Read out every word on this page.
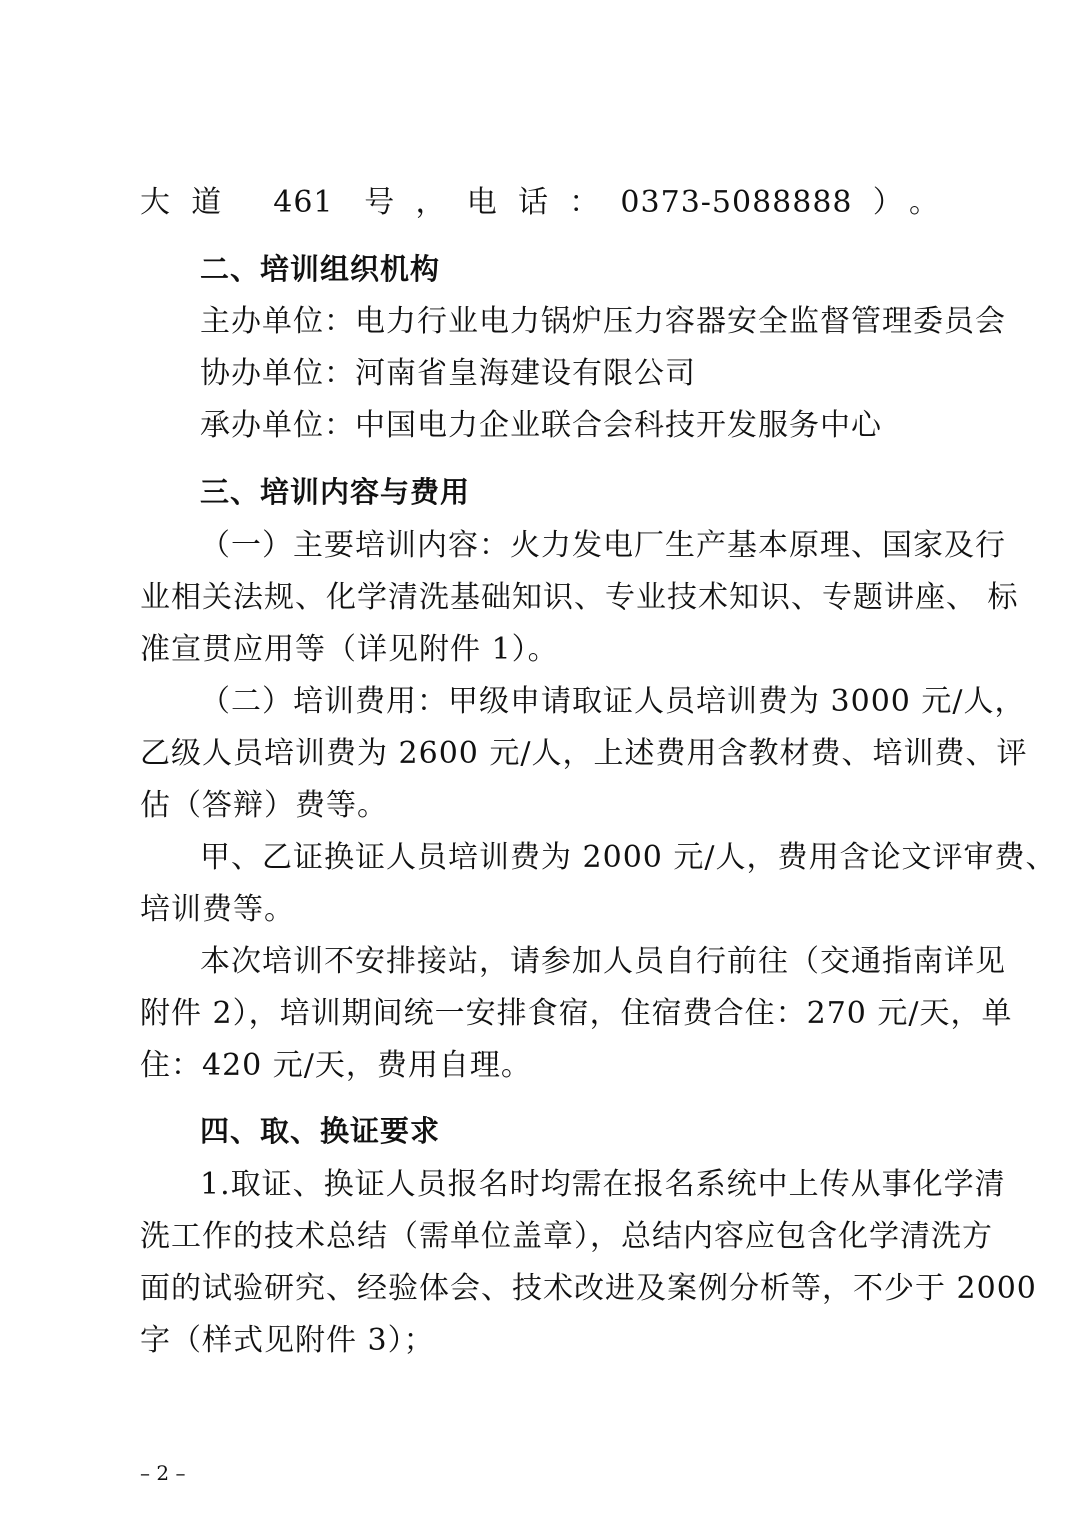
大道 461 号，电话：0373-5088888）。
二、培训组织机构
主办单位：电力行业电力锅炉压力容器安全监督管理委员会
协办单位：河南省皇海建设有限公司
承办单位：中国电力企业联合会科技开发服务中心
三、培训内容与费用
（一）主要培训内容：火力发电厂生产基本原理、国家及行
业相关法规、化学清洗基础知识、专业技术知识、专题讲座、 标
准宣贯应用等（详见附件 1）。
（二）培训费用：甲级申请取证人员培训费为 3000 元/人，
乙级人员培训费为 2600 元/人，上述费用含教材费、培训费、评
估（答辩）费等。
甲、乙证换证人员培训费为 2000 元/人，费用含论文评审费、
培训费等。
本次培训不安排接站，请参加人员自行前往（交通指南详见
附件 2），培训期间统一安排食宿，住宿费合住：270 元/天，单
住：420 元/天，费用自理。
四、取、换证要求
1.取证、换证人员报名时均需在报名系统中上传从事化学清
洗工作的技术总结（需单位盖章），总结内容应包含化学清洗方
面的试验研究、经验体会、技术改进及案例分析等，不少于 2000
字（样式见附件 3）；
– 2 –
